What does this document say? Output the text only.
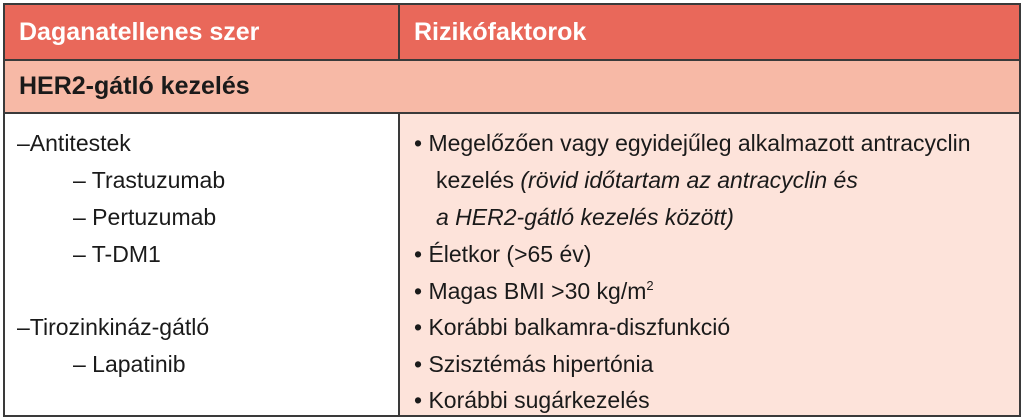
Daganatellenes szer	Rizikófaktorok
HER2-gátló kezelés
–Antitestek
– Trastuzumab
– Pertuzumab
– T-DM1
–Tirozinkináz-gátló
– Lapatinib
• Megelőzően vagy egyidejűleg alkalmazott antracyclin
kezelés (rövid időtartam az antracyclin és
a HER2-gátló kezelés között)
• Életkor (>65 év)
• Magas BMI >30 $kg/m^2$
• Korábbi balkamra-diszfunkció
• Szisztémás hipertónia
• Korábbi sugárkezelés
